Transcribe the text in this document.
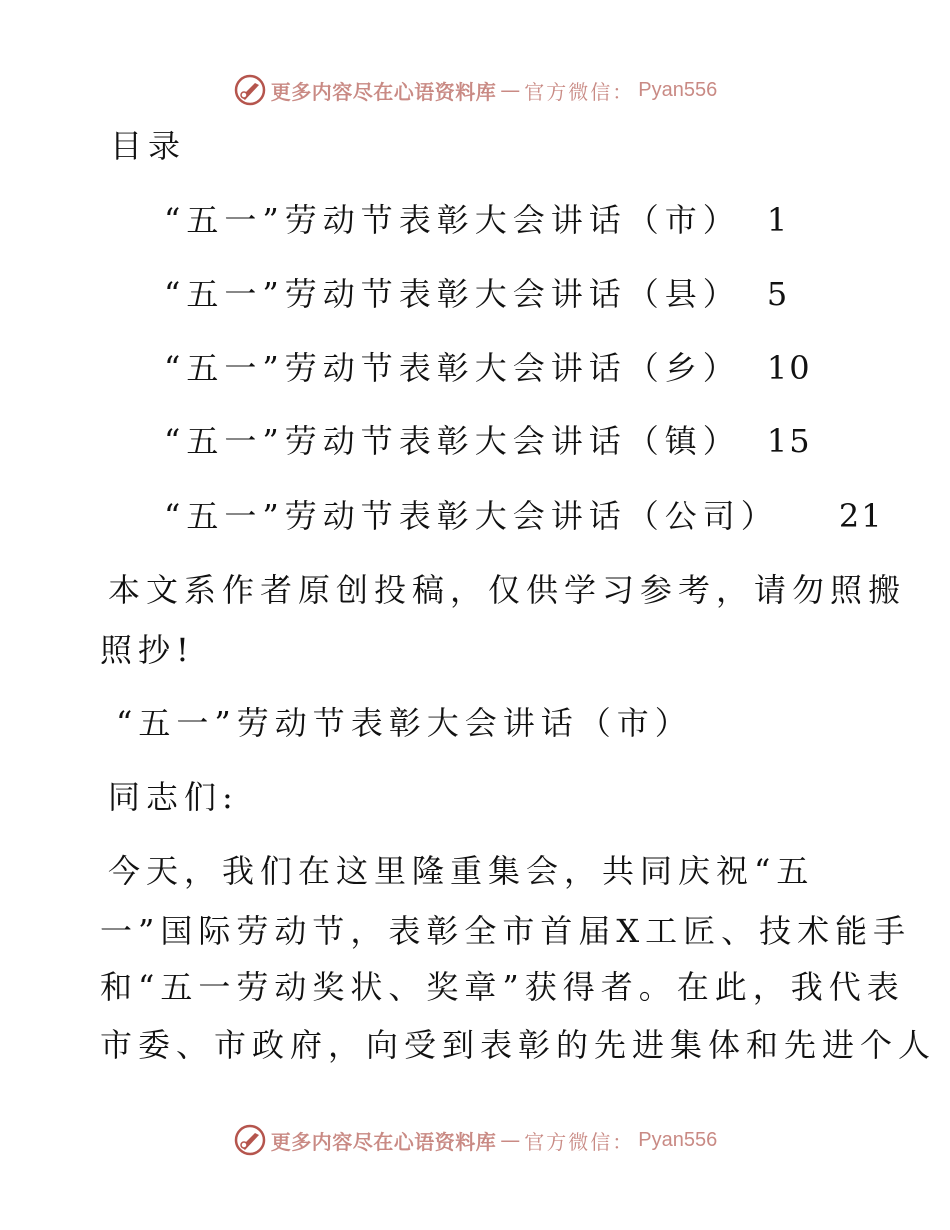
更多内容尽在心语资料库 — 官方微信： Pyan556
目录
“五一”劳动节表彰大会讲话（市） 1
“五一”劳动节表彰大会讲话（县） 5
“五一”劳动节表彰大会讲话（乡） 10
“五一”劳动节表彰大会讲话（镇） 15
“五一”劳动节表彰大会讲话（公司） 21
本文系作者原创投稿，仅供学习参考，请勿照搬
照抄!
“五一”劳动节表彰大会讲话（市）
同志们:
今天，我们在这里隆重集会，共同庆祝“五
一”国际劳动节，表彰全市首届X工匠、技术能手
和“五一劳动奖状、奖章”获得者。在此，我代表
市委、市政府，向受到表彰的先进集体和先进个人
更多内容尽在心语资料库 — 官方微信： Pyan556
